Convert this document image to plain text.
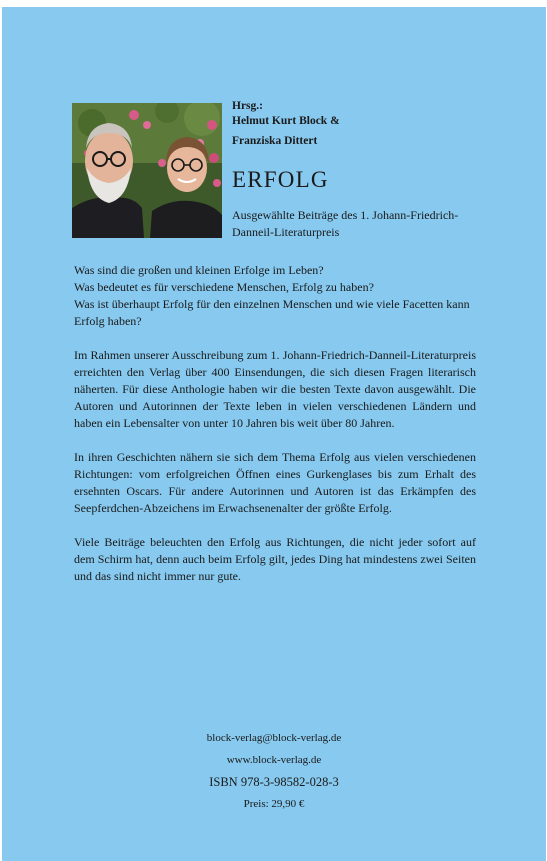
Hrsg.:
Helmut Kurt Block &
Franziska Dittert
ERFOLG
Ausgewählte Beiträge des 1. Johann-Friedrich-Danneil-Literaturpreis

Was sind die großen und kleinen Erfolge im Leben?
Was bedeutet es für verschiedene Menschen, Erfolg zu haben?
Was ist überhaupt Erfolg für den einzelnen Menschen und wie viele Facetten kann Erfolg haben?

Im Rahmen unserer Ausschreibung zum 1. Johann-Friedrich-Danneil-Literaturpreis erreichten den Verlag über 400 Einsendungen, die sich diesen Fragen literarisch näherten. Für diese Anthologie haben wir die besten Texte davon ausgewählt. Die Autoren und Autorinnen der Texte leben in vielen verschiedenen Ländern und haben ein Lebensalter von unter 10 Jahren bis weit über 80 Jahren.

In ihren Geschichten nähern sie sich dem Thema Erfolg aus vielen verschiedenen Richtungen: vom erfolgreichen Öffnen eines Gurkenglases bis zum Erhalt des ersehnten Oscars. Für andere Autorinnen und Autoren ist das Erkämpfen des Seepferdchen-Abzeichens im Erwachsenenalter der größte Erfolg.

Viele Beiträge beleuchten den Erfolg aus Richtungen, die nicht jeder sofort auf dem Schirm hat, denn auch beim Erfolg gilt, jedes Ding hat mindestens zwei Seiten und das sind nicht immer nur gute.

block-verlag@block-verlag.de
www.block-verlag.de
ISBN 978-3-98582-028-3
Preis: 29,90 €
